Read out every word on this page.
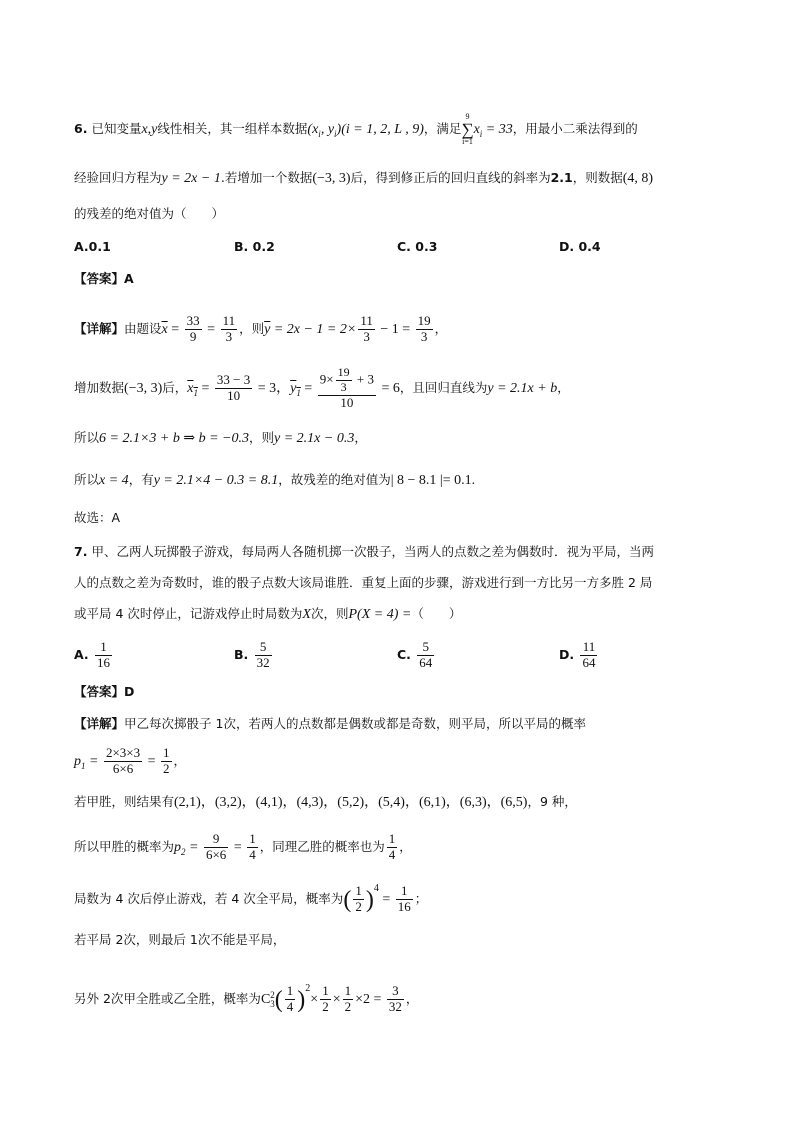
6. 已知变量x,y线性相关，其一组样本数据($x_i$, $y_i)(i = 1$, 2, L , 9)，满足
9
∑
i=1
$x_i = 33$，用最小二乘法得到的
经验回归方程为y = 2x − 1.若增加一个数据(−3, 3)后，得到修正后的回归直线的斜率为2.1，则数据(4, 8)
的残差的绝对值为（　　）
A.0.1	B. 0.2	C. 0.3	D. 0.4
【答案】A
【详解】由题设$\overline{x} = \frac{33}{9} = \frac{11}{3}$ ，则$\overline{y} = 2x - 1 = 2\times \frac{11}{3} - 1 = \frac{19}{3}$ ，
增加数据(−3, 3)后，$x_1 = \frac{33 - 3}{10} = 3$，$y_1 = \frac{9\times \frac{19}{3} + 3}{10} = 6$，且回归直线为y = 2.1x + b，
所以6 = 2.1×3 + b ⇒ b = −0.3，则y = 2.1x − 0.3，
所以x = 4，有y = 2.1×4 − 0.3 = 8.1，故残差的绝对值为| 8 − 8.1 |= 0.1.
故选：A
7. 甲、乙两人玩掷骰子游戏，每局两人各随机掷一次骰子，当两人的点数之差为偶数时．视为平局，当两
人的点数之差为奇数时，谁的骰子点数大该局谁胜．重复上面的步骤，游戏进行到一方比另一方多胜 2 局
或平局 4 次时停止，记游戏停止时局数为X次，则P(X = 4) =（　　）
A. $\frac{1}{16}$	B. $\frac{5}{32}$	C. $\frac{5}{64}$	D. $\frac{11}{64}$
【答案】D
【详解】甲乙每次掷骰子 1次，若两人的点数都是偶数或都是奇数，则平局，所以平局的概率
$p_1 = \frac{2\times 3\times 3}{6\times 6} = \frac{1}{2}$ ，
若甲胜，则结果有(2,1)，(3,2)，(4,1)，(4,3)，(5,2)，(5,4)，(6,1)，(6,3)，(6,5)，9 种，
所以甲胜的概率为$p_2 = \frac{9}{6\times 6} = \frac{1}{4}$ ，同理乙胜的概率也为 $\frac{1}{4}$ ，
局数为 4 次后停止游戏，若 4 次全平局，概率为( $\frac{1}{2} )^4 = \frac{1}{16}$ ；
若平局 2次，则最后 1次不能是平局，
另外 2次甲全胜或乙全胜，概率为C 2
3 ( $\frac{1}{4} )^2\times \frac{1}{2} \times \frac{1}{2} \times 2 = \frac{3}{32}$ ，
